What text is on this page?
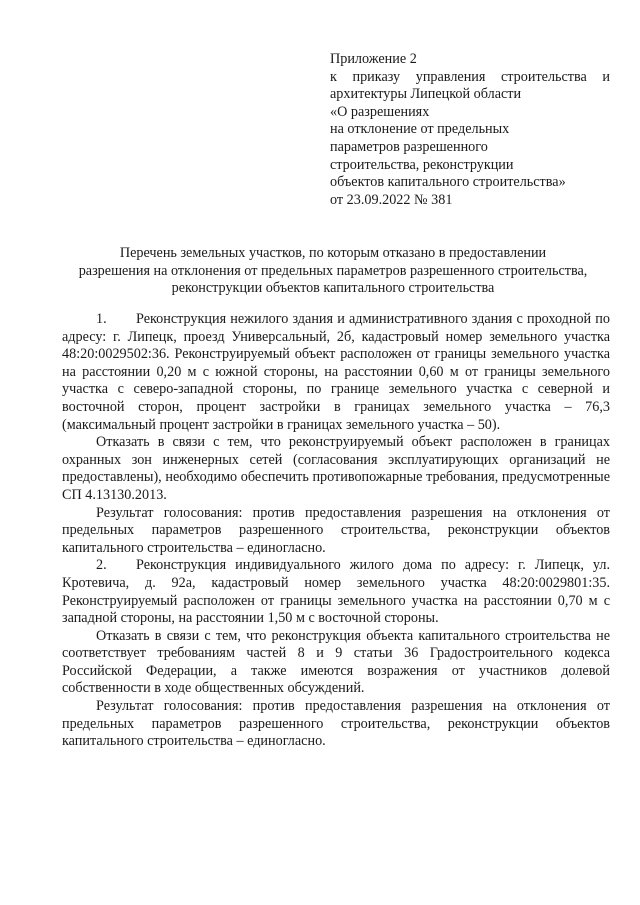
Приложение 2
к приказу управления строительства и
архитектуры Липецкой области
«О разрешениях
на отклонение от предельных
параметров разрешенного
строительства, реконструкции
объектов капитального строительства»
от 23.09.2022 № 381
Перечень земельных участков, по которым отказано в предоставлении
разрешения на отклонения от предельных параметров разрешенного строительства,
реконструкции объектов капитального строительства

1. Реконструкция нежилого здания и административного здания с проходной по адресу: г. Липецк, проезд Универсальный, 2б, кадастровый номер земельного участка 48:20:0029502:36. Реконструируемый объект расположен от границы земельного участка на расстоянии 0,20 м с южной стороны, на расстоянии 0,60 м от границы земельного участка с северо-западной стороны, по границе земельного участка с северной и восточной сторон, процент застройки в границах земельного участка – 76,3 (максимальный процент застройки в границах земельного участка – 50).

Отказать в связи с тем, что реконструируемый объект расположен в границах охранных зон инженерных сетей (согласования эксплуатирующих организаций не предоставлены), необходимо обеспечить противопожарные требования, предусмотренные СП 4.13130.2013.

Результат голосования: против предоставления разрешения на отклонения от предельных параметров разрешенного строительства, реконструкции объектов капитального строительства – единогласно.

2. Реконструкция индивидуального жилого дома по адресу: г. Липецк, ул. Кротевича, д. 92а, кадастровый номер земельного участка 48:20:0029801:35. Реконструируемый расположен от границы земельного участка на расстоянии 0,70 м с западной стороны, на расстоянии 1,50 м с восточной стороны.

Отказать в связи с тем, что реконструкция объекта капитального строительства не соответствует требованиям частей 8 и 9 статьи 36 Градостроительного кодекса Российской Федерации, а также имеются возражения от участников долевой собственности в ходе общественных обсуждений.

Результат голосования: против предоставления разрешения на отклонения от предельных параметров разрешенного строительства, реконструкции объектов капитального строительства – единогласно.
